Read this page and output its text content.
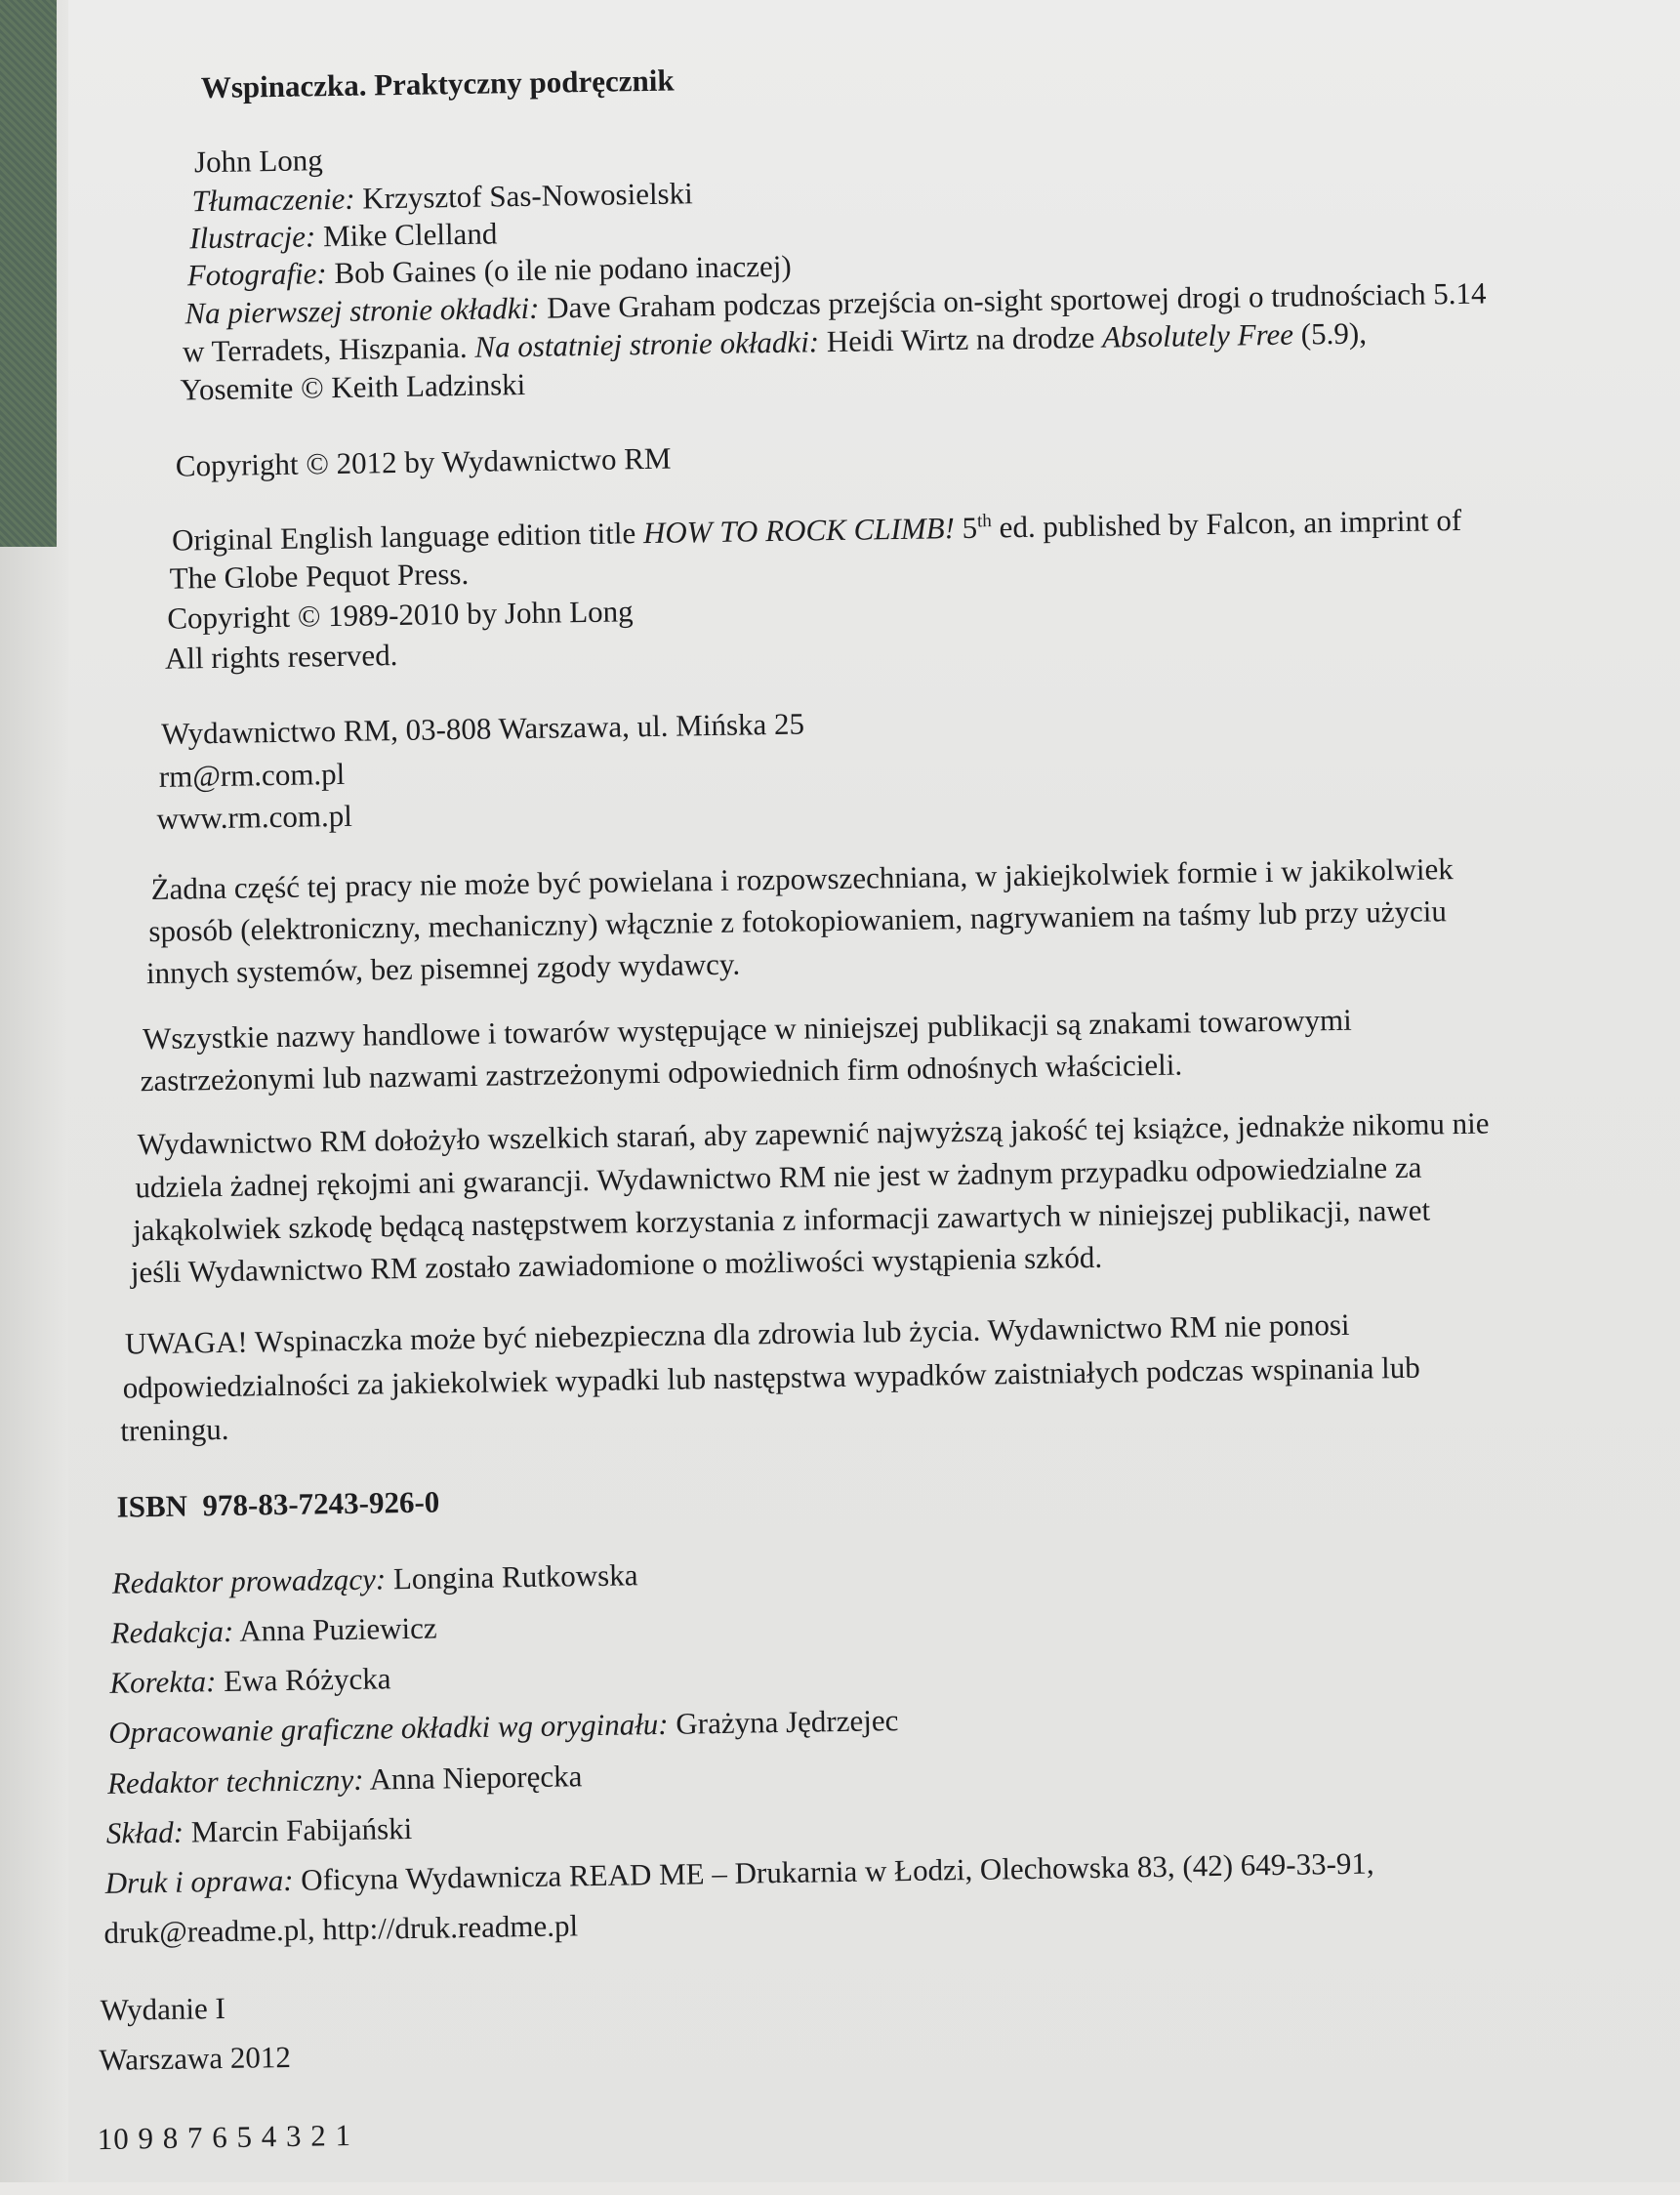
Wspinaczka. Praktyczny podręcznik
John Long
Tłumaczenie: Krzysztof Sas-Nowosielski
Ilustracje: Mike Clelland
Fotografie: Bob Gaines (o ile nie podano inaczej)
Na pierwszej stronie okładki: Dave Graham podczas przejścia on-sight sportowej drogi o trudnościach 5.14
w Terradets, Hiszpania. Na ostatniej stronie okładki: Heidi Wirtz na drodze Absolutely Free (5.9),
Yosemite © Keith Ladzinski
Copyright © 2012 by Wydawnictwo RM
Original English language edition title HOW TO ROCK CLIMB! 5th ed. published by Falcon, an imprint of
The Globe Pequot Press.
Copyright © 1989-2010 by John Long
All rights reserved.
Wydawnictwo RM, 03-808 Warszawa, ul. Mińska 25
rm@rm.com.pl
www.rm.com.pl
Żadna część tej pracy nie może być powielana i rozpowszechniana, w jakiejkolwiek formie i w jakikolwiek
sposób (elektroniczny, mechaniczny) włącznie z fotokopiowaniem, nagrywaniem na taśmy lub przy użyciu
innych systemów, bez pisemnej zgody wydawcy.
Wszystkie nazwy handlowe i towarów występujące w niniejszej publikacji są znakami towarowymi
zastrzeżonymi lub nazwami zastrzeżonymi odpowiednich firm odnośnych właścicieli.
Wydawnictwo RM dołożyło wszelkich starań, aby zapewnić najwyższą jakość tej książce, jednakże nikomu nie
udziela żadnej rękojmi ani gwarancji. Wydawnictwo RM nie jest w żadnym przypadku odpowiedzialne za
jakąkolwiek szkodę będącą następstwem korzystania z informacji zawartych w niniejszej publikacji, nawet
jeśli Wydawnictwo RM zostało zawiadomione o możliwości wystąpienia szkód.
UWAGA! Wspinaczka może być niebezpieczna dla zdrowia lub życia. Wydawnictwo RM nie ponosi
odpowiedzialności za jakiekolwiek wypadki lub następstwa wypadków zaistniałych podczas wspinania lub
treningu.
ISBN 978-83-7243-926-0
Redaktor prowadzący: Longina Rutkowska
Redakcja: Anna Puziewicz
Korekta: Ewa Różycka
Opracowanie graficzne okładki wg oryginału: Grażyna Jędrzejec
Redaktor techniczny: Anna Nieporęcka
Skład: Marcin Fabijański
Druk i oprawa: Oficyna Wydawnicza READ ME – Drukarnia w Łodzi, Olechowska 83, (42) 649-33-91,
druk@readme.pl, http://druk.readme.pl
Wydanie I
Warszawa 2012
10 9 8 7 6 5 4 3 2 1
